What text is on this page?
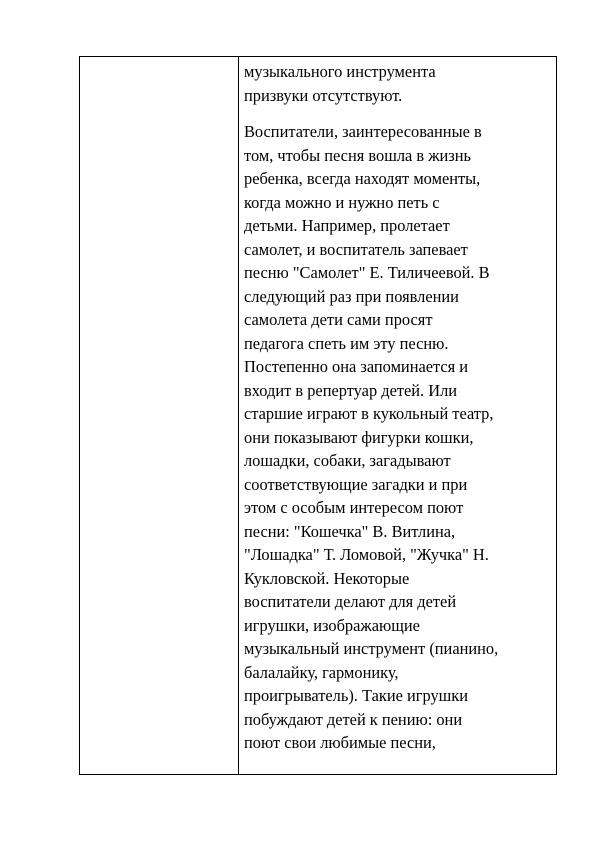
музыкального инструмента
призвуки отсутствуют.

Воспитатели, заинтересованные в
том, чтобы песня вошла в жизнь
ребенка, всегда находят моменты,
когда можно и нужно петь с
детьми. Например, пролетает
самолет, и воспитатель запевает
песню "Самолет" Е. Тиличеевой. В
следующий раз при появлении
самолета дети сами просят
педагога спеть им эту песню.
Постепенно она запоминается и
входит в репертуар детей. Или
старшие играют в кукольный театр,
они показывают фигурки кошки,
лошадки, собаки, загадывают
соответствующие загадки и при
этом с особым интересом поют
песни: "Кошечка" В. Витлина,
"Лошадка" Т. Ломовой, "Жучка" Н.
Кукловской. Некоторые
воспитатели делают для детей
игрушки, изображающие
музыкальный инструмент (пианино,
балалайку, гармонику,
проигрыватель). Такие игрушки
побуждают детей к пению: они
поют свои любимые песни,
